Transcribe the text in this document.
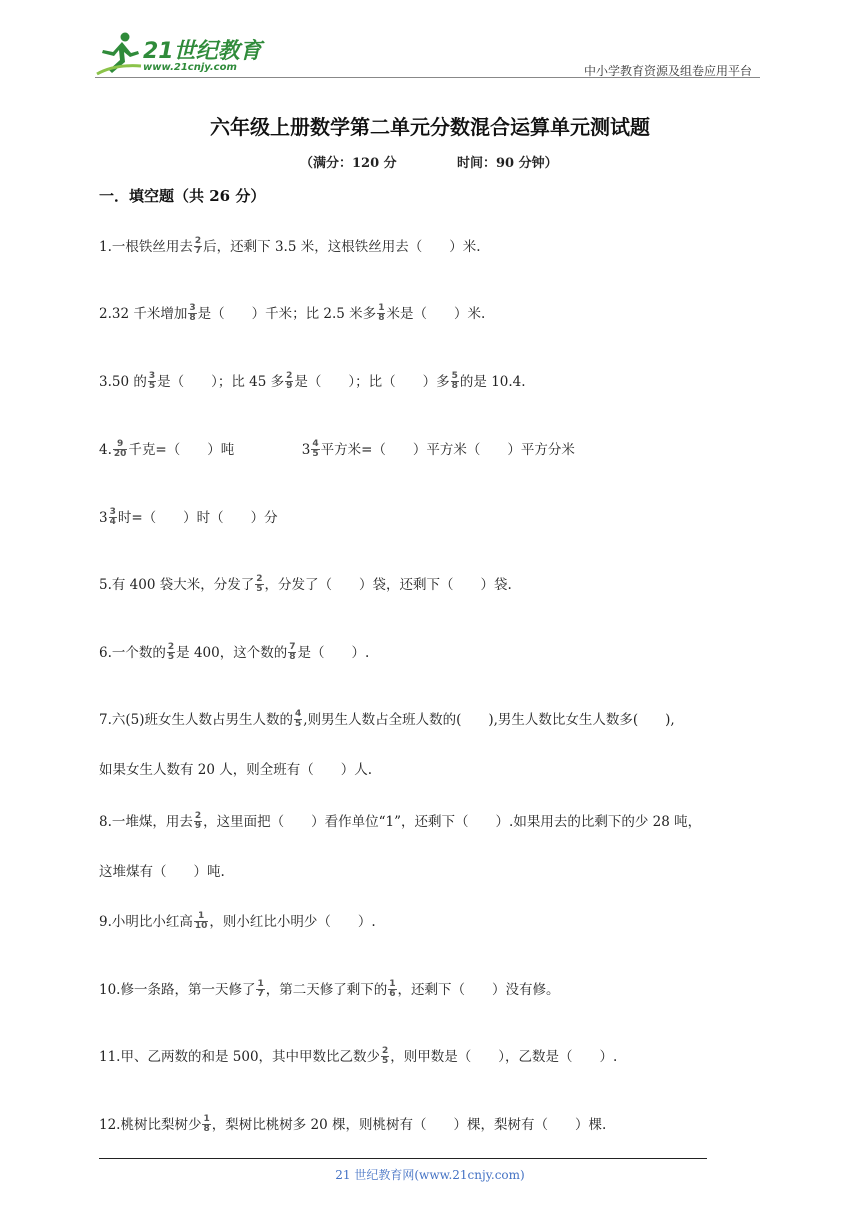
21世纪教育
www.21cnjy.com	中小学教育资源及组卷应用平台
六年级上册数学第二单元分数混合运算单元测试题
（满分：120 分	时间：90 分钟）
一．填空题（共 26 分）
1.一根铁丝用去 $\frac{2}{7}$ 后，还剩下 3.5 米，这根铁丝用去（　　）米.
2.32 千米增加 $\frac{3}{8}$ 是（　　）千米；比 2.5 米多 $\frac{1}{8}$ 米是（　　）米.
3.50 的 $\frac{3}{5}$ 是（　　）；比 45 多 $\frac{2}{9}$ 是（　　）；比（　　）多 $\frac{5}{8}$ 的是 10.4.
4. $\frac{9}{20}$ 千克=（　　）吨　　　　　$3 \frac{4}{5}$ 平方米=（　　）平方米（　　）平方分米
$3 \frac{3}{4}$ 时=（　　）时（　　）分
5.有 400 袋大米，分发了 $\frac{2}{5}$ ，分发了（　　）袋，还剩下（　　）袋.
6.一个数的 $\frac{2}{5}$ 是 400，这个数的 $\frac{7}{8}$ 是（　　）.
7.六(5)班女生人数占男生人数的 $\frac{4}{5}$ ,则男生人数占全班人数的(　　),男生人数比女生人数多(　　),
如果女生人数有 20 人，则全班有（　　）人.
8.一堆煤，用去 $\frac{2}{9}$ ，这里面把（　　）看作单位“1”，还剩下（　　）.如果用去的比剩下的少 28 吨，
这堆煤有（　　）吨.
9.小明比小红高 $\frac{1}{10}$ ，则小红比小明少（　　）.
10.修一条路，第一天修了 $\frac{1}{7}$ ，第二天修了剩下的 $\frac{1}{6}$ ，还剩下（　　）没有修。
11.甲、乙两数的和是 500，其中甲数比乙数少 $\frac{2}{5}$ ，则甲数是（　　），乙数是（　　）.
12.桃树比梨树少 $\frac{1}{8}$ ，梨树比桃树多 20 棵，则桃树有（　　）棵，梨树有（　　）棵.
21 世纪教育网(www.21cnjy.com)
